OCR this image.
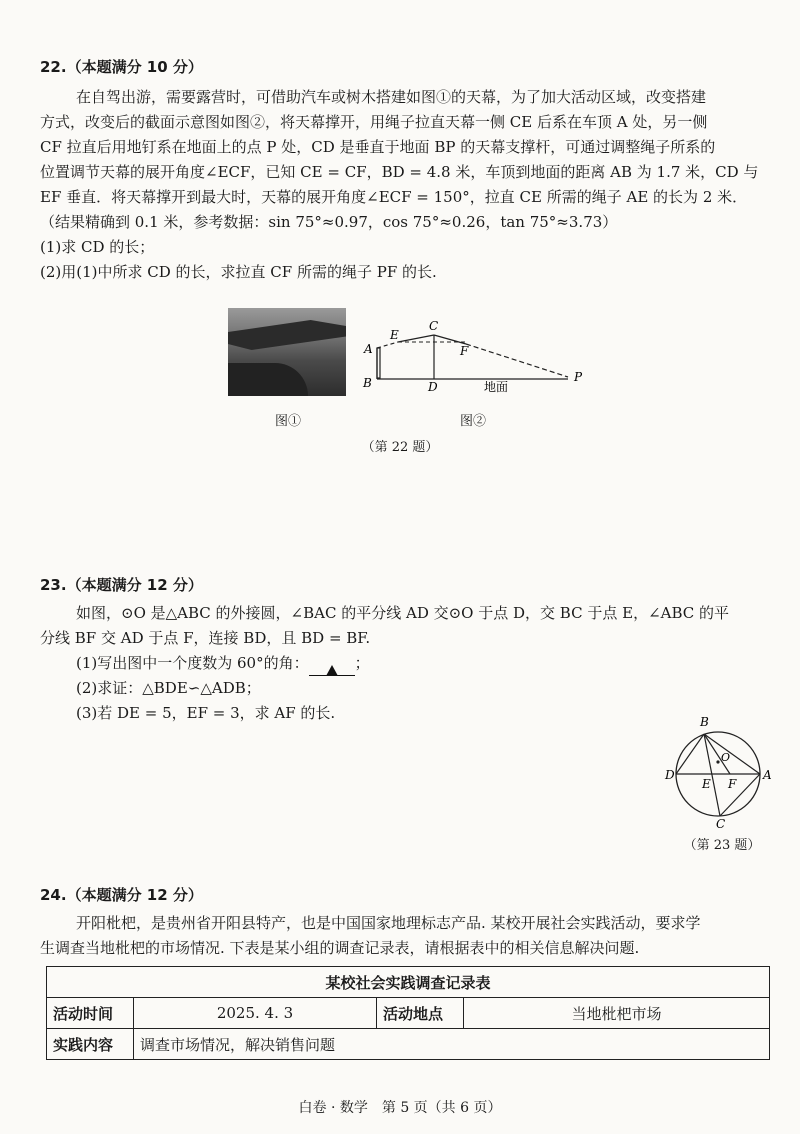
22.（本题满分 10 分）

在自驾出游，需要露营时，可借助汽车或树木搭建如图①的天幕，为了加大活动区域，改变搭建

方式，改变后的截面示意图如图②，将天幕撑开，用绳子拉直天幕一侧 CE 后系在车顶 A 处，另一侧

CF 拉直后用地钉系在地面上的点 P 处，CD 是垂直于地面 BP 的天幕支撑杆，可通过调整绳子所系的

位置调节天幕的展开角度∠ECF，已知 CE = CF，BD = 4.8 米，车顶到地面的距离 AB 为 1.7 米，CD 与

EF 垂直．将天幕撑开到最大时，天幕的展开角度∠ECF = 150°，拉直 CE 所需的绳子 AE 的长为 2 米．

（结果精确到 0.1 米，参考数据：sin 75°≈0.97，cos 75°≈0.26，tan 75°≈3.73）

(1)求 CD 的长；

(2)用(1)中所求 CD 的长，求拉直 CF 所需的绳子 PF 的长.

图①
A
B
E
C
F
D	地面
P
图②
（第 22 题）
23.（本题满分 12 分）

如图，⊙O 是△ABC 的外接圆，∠BAC 的平分线 AD 交⊙O 于点 D，交 BC 于点 E，∠ABC 的平

分线 BF 交 AD 于点 F，连接 BD，且 BD = BF.

(1)写出图中一个度数为 60°的角：	；

(2)求证：△BDE∽△ADB；

(3)若 DE = 5，EF = 3，求 AF 的长.	B
O
D
E F
A
C
（第 23 题）
24.（本题满分 12 分）

开阳枇杷，是贵州省开阳县特产，也是中国国家地理标志产品. 某校开展社会实践活动，要求学

生调查当地枇杷的市场情况. 下表是某小组的调查记录表，请根据表中的相关信息解决问题.

某校社会实践调查记录表			
活动时间	2025. 4. 3	活动地点	当地枇杷市场
实践内容	调查市场情况，解决销售问题		
白卷 · 数学　第 5 页（共 6 页）
